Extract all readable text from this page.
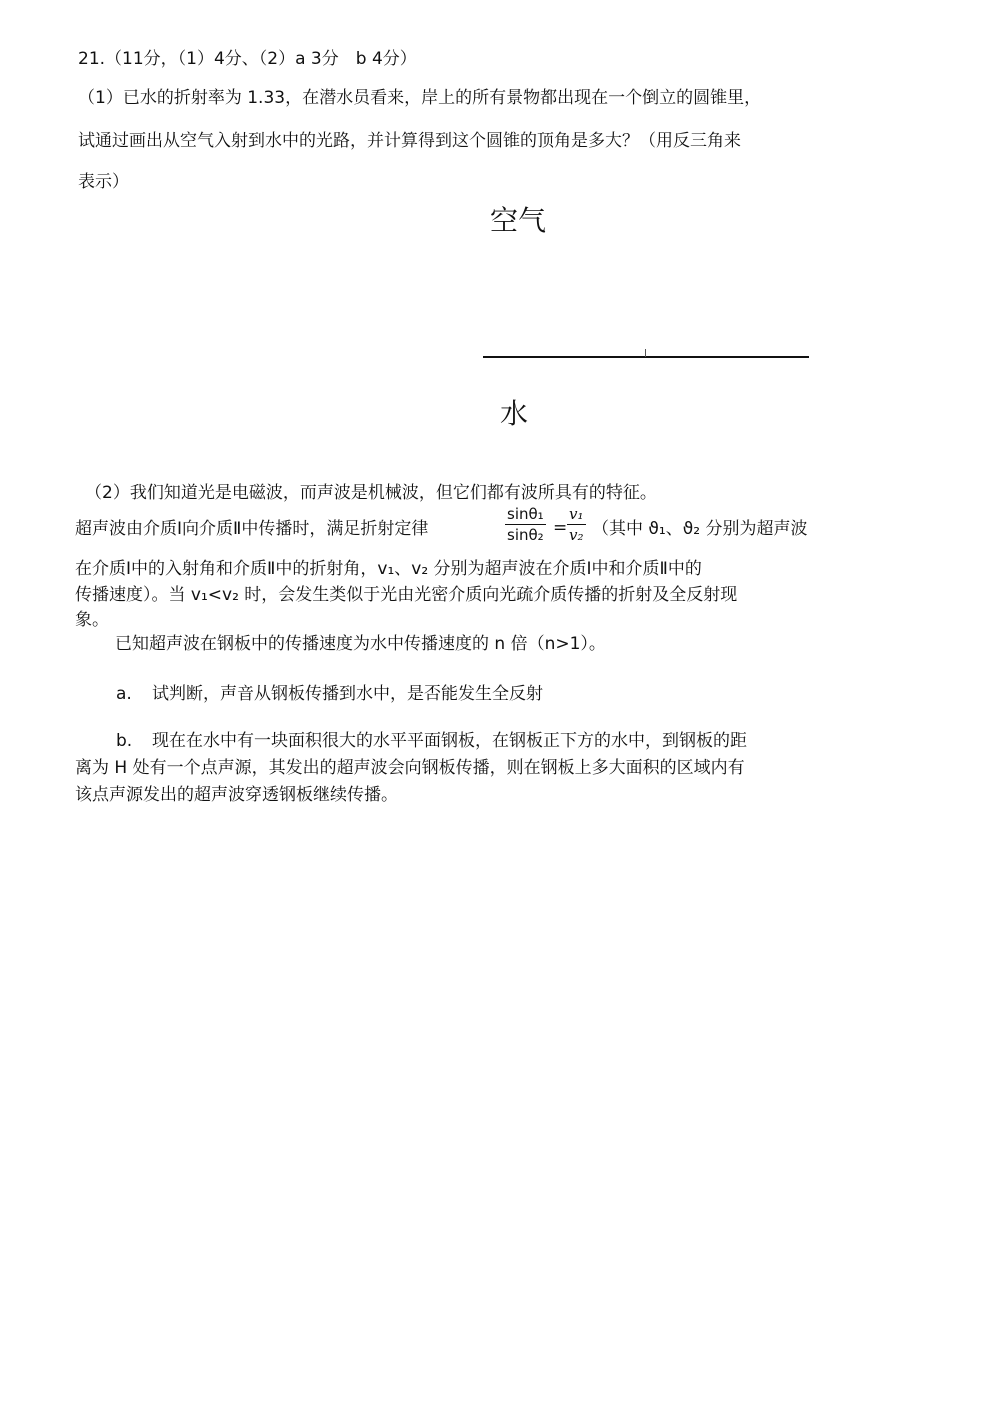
21.（11分，（1）4分、（2）a 3分　b 4分）
（1）已水的折射率为 1.33，在潜水员看来，岸上的所有景物都出现在一个倒立的圆锥里，
试通过画出从空气入射到水中的光路，并计算得到这个圆锥的顶角是多大？（用反三角来
表示）
空气
水
（2）我们知道光是电磁波，而声波是机械波，但它们都有波所具有的特征。
超声波由介质Ⅰ向介质Ⅱ中传播时，满足折射定律
sinθ₁
sinθ₂ =
v₁
v₂ （其中 ϑ₁、ϑ₂ 分别为超声波
在介质Ⅰ中的入射角和介质Ⅱ中的折射角，v₁、v₂ 分别为超声波在介质Ⅰ中和介质Ⅱ中的
传播速度）。当 v₁<v₂ 时，会发生类似于光由光密介质向光疏介质传播的折射及全反射现
象。
已知超声波在钢板中的传播速度为水中传播速度的 n 倍（n>1）。
a. 试判断，声音从钢板传播到水中，是否能发生全反射
b. 现在在水中有一块面积很大的水平平面钢板，在钢板正下方的水中，到钢板的距
离为 H 处有一个点声源，其发出的超声波会向钢板传播，则在钢板上多大面积的区域内有
该点声源发出的超声波穿透钢板继续传播。
